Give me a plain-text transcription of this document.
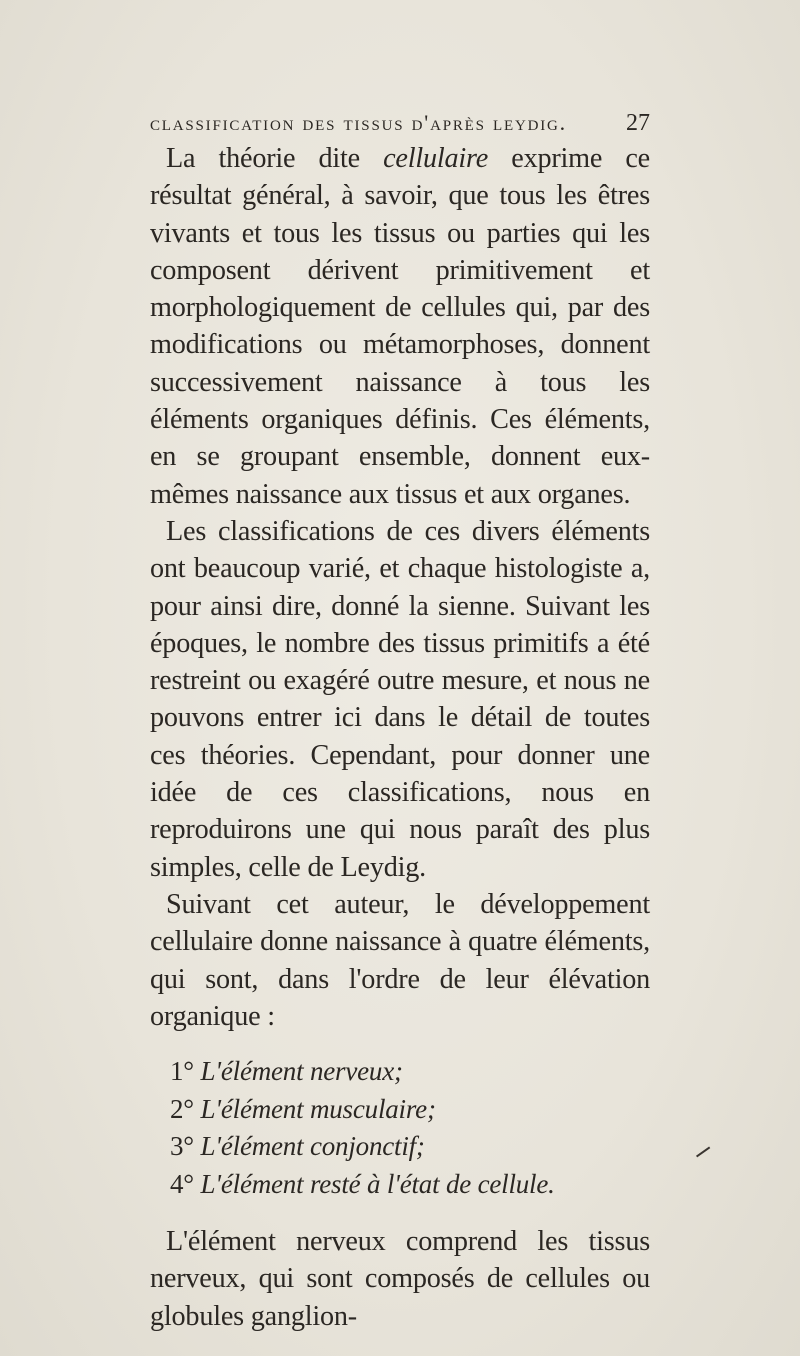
classification des tissus d'après leydig. 27

La théorie dite cellulaire exprime ce résultat général, à savoir, que tous les êtres vivants et tous les tissus ou parties qui les composent dérivent primitivement et morphologiquement de cellules qui, par des modifications ou métamorphoses, donnent successivement naissance à tous les éléments organiques définis. Ces éléments, en se groupant ensemble, donnent eux-mêmes naissance aux tissus et aux organes.

Les classifications de ces divers éléments ont beaucoup varié, et chaque histologiste a, pour ainsi dire, donné la sienne. Suivant les époques, le nombre des tissus primitifs a été restreint ou exagéré outre mesure, et nous ne pouvons entrer ici dans le détail de toutes ces théories. Cependant, pour donner une idée de ces classifications, nous en reproduirons une qui nous paraît des plus simples, celle de Leydig.

Suivant cet auteur, le développement cellulaire donne naissance à quatre éléments, qui sont, dans l'ordre de leur élévation organique :

1° L'élément nerveux;
2° L'élément musculaire;
3° L'élément conjonctif;
4° L'élément resté à l'état de cellule.

L'élément nerveux comprend les tissus nerveux, qui sont composés de cellules ou globules ganglion-
